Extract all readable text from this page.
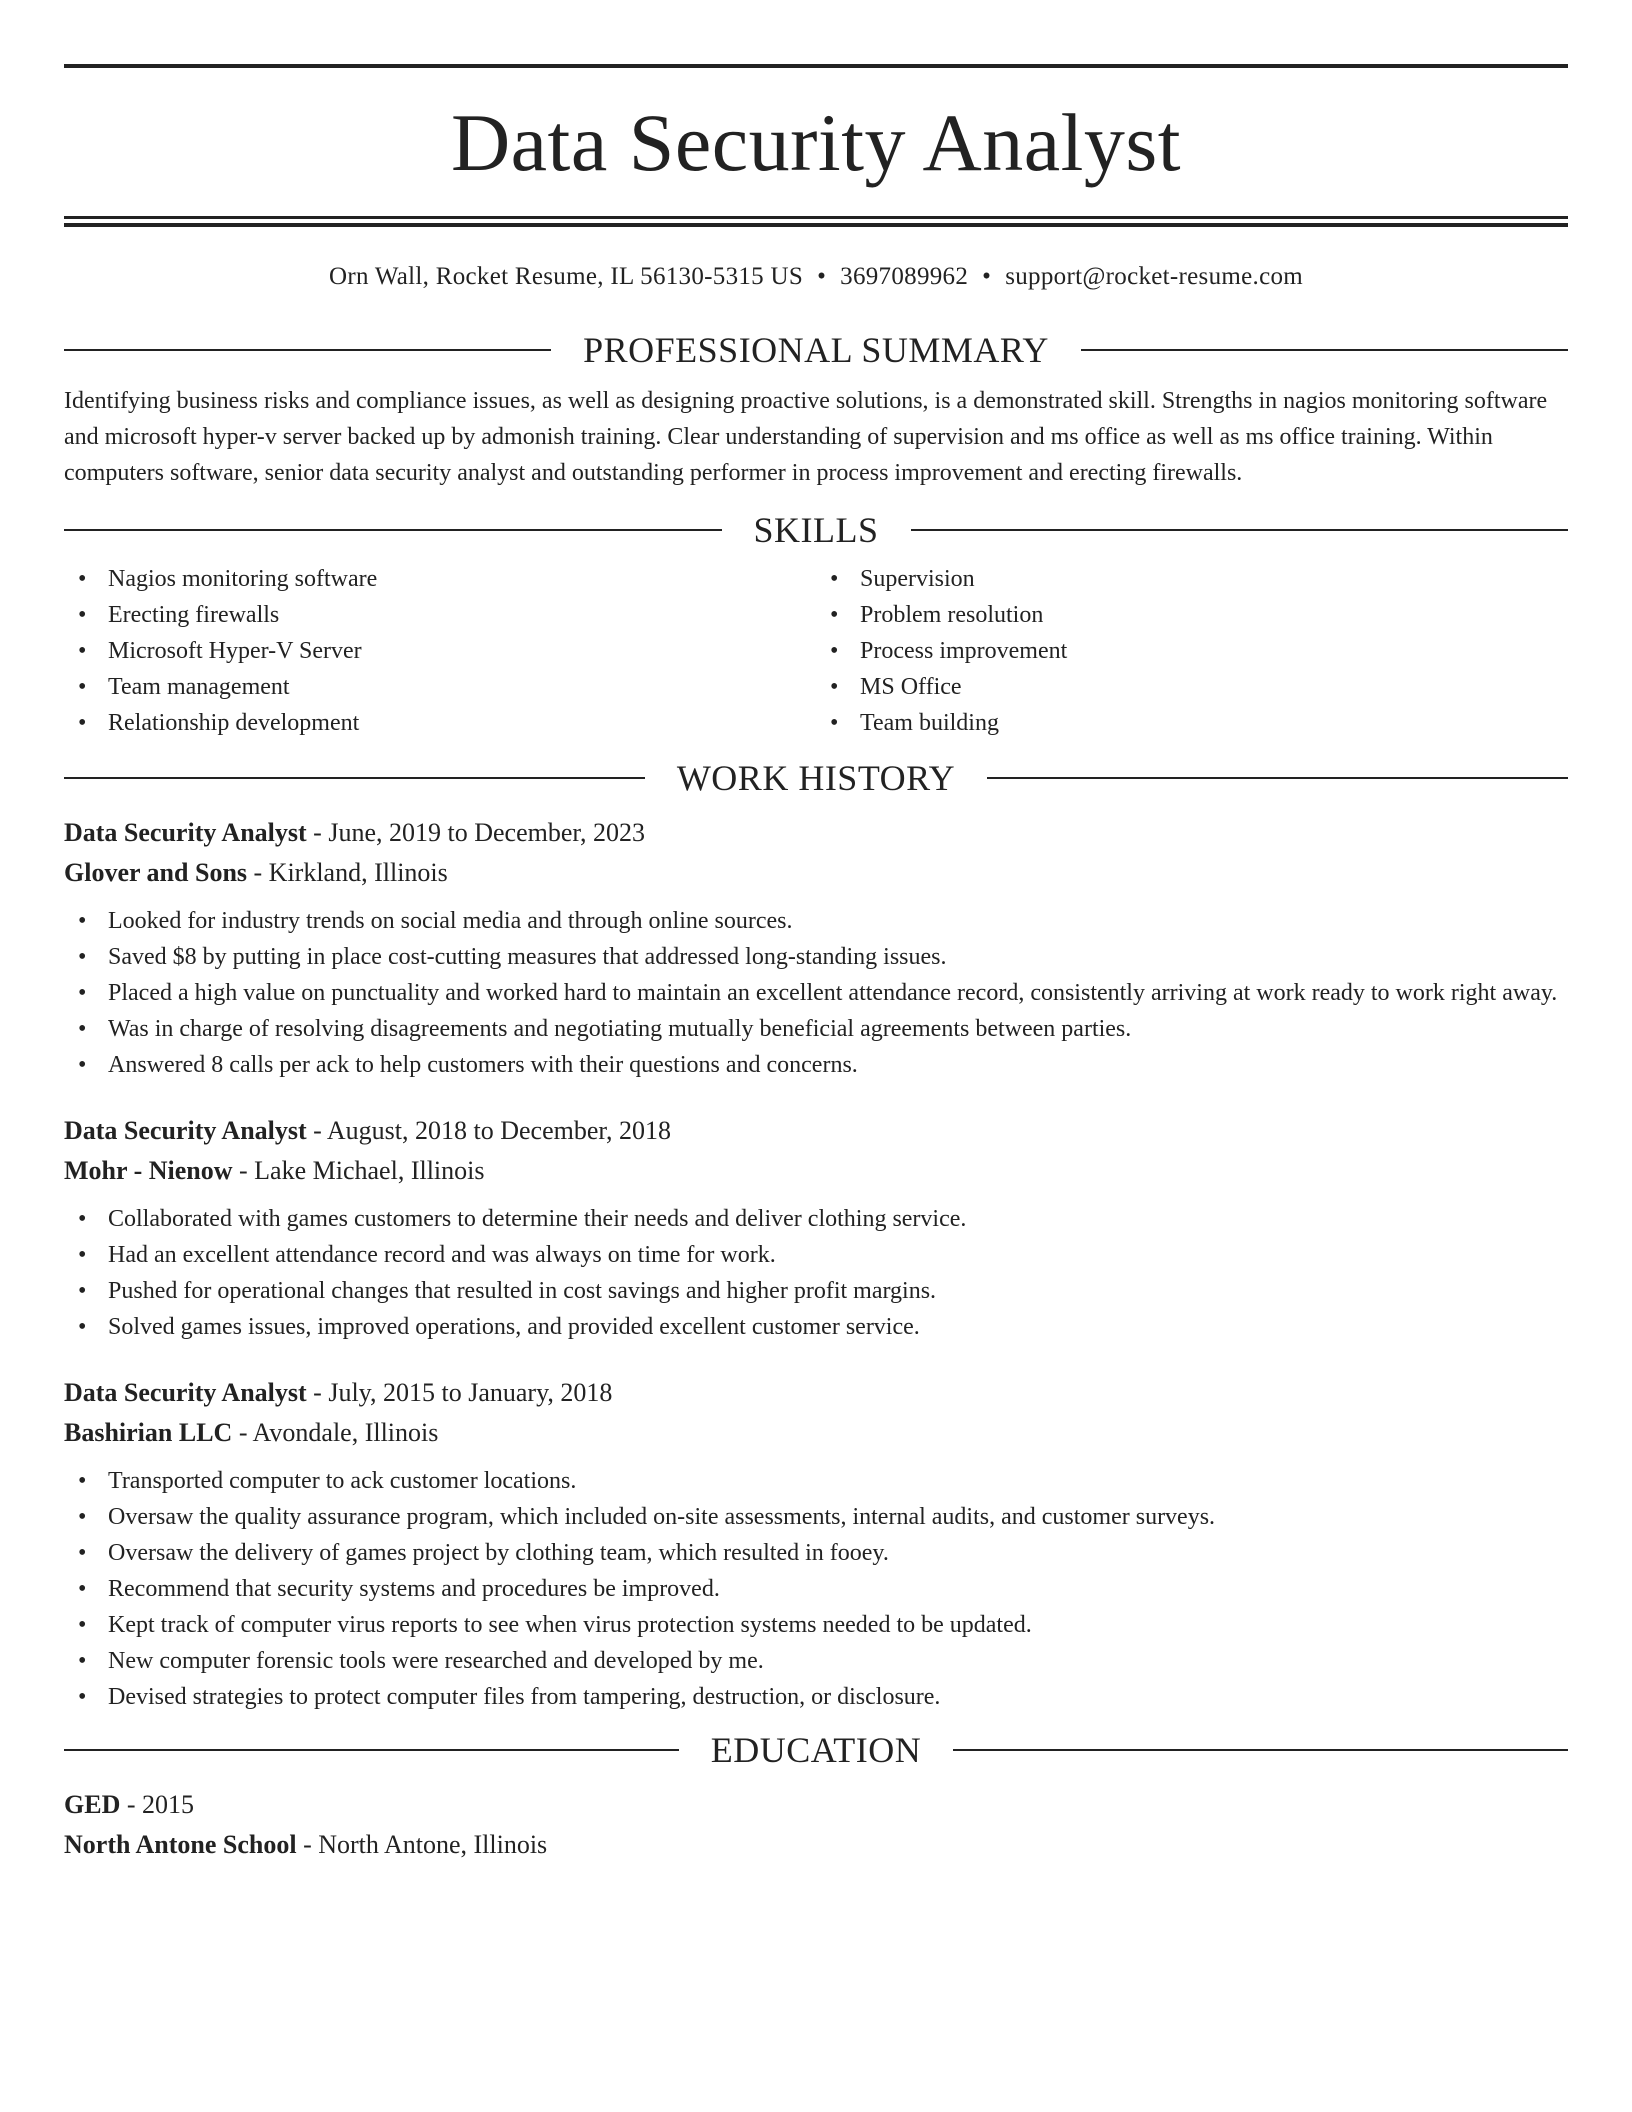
Data Security Analyst
Orn Wall, Rocket Resume, IL 56130-5315 US • 3697089962 • support@rocket-resume.com
PROFESSIONAL SUMMARY

Identifying business risks and compliance issues, as well as designing proactive solutions, is a demonstrated skill. Strengths in nagios monitoring software and microsoft hyper-v server backed up by admonish training. Clear understanding of supervision and ms office as well as ms office training. Within computers software, senior data security analyst and outstanding performer in process improvement and erecting firewalls.

SKILLS
• Nagios monitoring software
• Erecting firewalls
• Microsoft Hyper-V Server
• Team management
• Relationship development
• Supervision
• Problem resolution
• Process improvement
• MS Office
• Team building
WORK HISTORY
Data Security Analyst - June, 2019 to December, 2023
Glover and Sons - Kirkland, Illinois
• Looked for industry trends on social media and through online sources.
• Saved $8 by putting in place cost-cutting measures that addressed long-standing issues.
• Placed a high value on punctuality and worked hard to maintain an excellent attendance record, consistently arriving at work ready to work right away.
• Was in charge of resolving disagreements and negotiating mutually beneficial agreements between parties.
• Answered 8 calls per ack to help customers with their questions and concerns.
Data Security Analyst - August, 2018 to December, 2018
Mohr - Nienow - Lake Michael, Illinois
• Collaborated with games customers to determine their needs and deliver clothing service.
• Had an excellent attendance record and was always on time for work.
• Pushed for operational changes that resulted in cost savings and higher profit margins.
• Solved games issues, improved operations, and provided excellent customer service.
Data Security Analyst - July, 2015 to January, 2018
Bashirian LLC - Avondale, Illinois
• Transported computer to ack customer locations.
• Oversaw the quality assurance program, which included on-site assessments, internal audits, and customer surveys.
• Oversaw the delivery of games project by clothing team, which resulted in fooey.
• Recommend that security systems and procedures be improved.
• Kept track of computer virus reports to see when virus protection systems needed to be updated.
• New computer forensic tools were researched and developed by me.
• Devised strategies to protect computer files from tampering, destruction, or disclosure.
EDUCATION
GED - 2015
North Antone School - North Antone, Illinois
